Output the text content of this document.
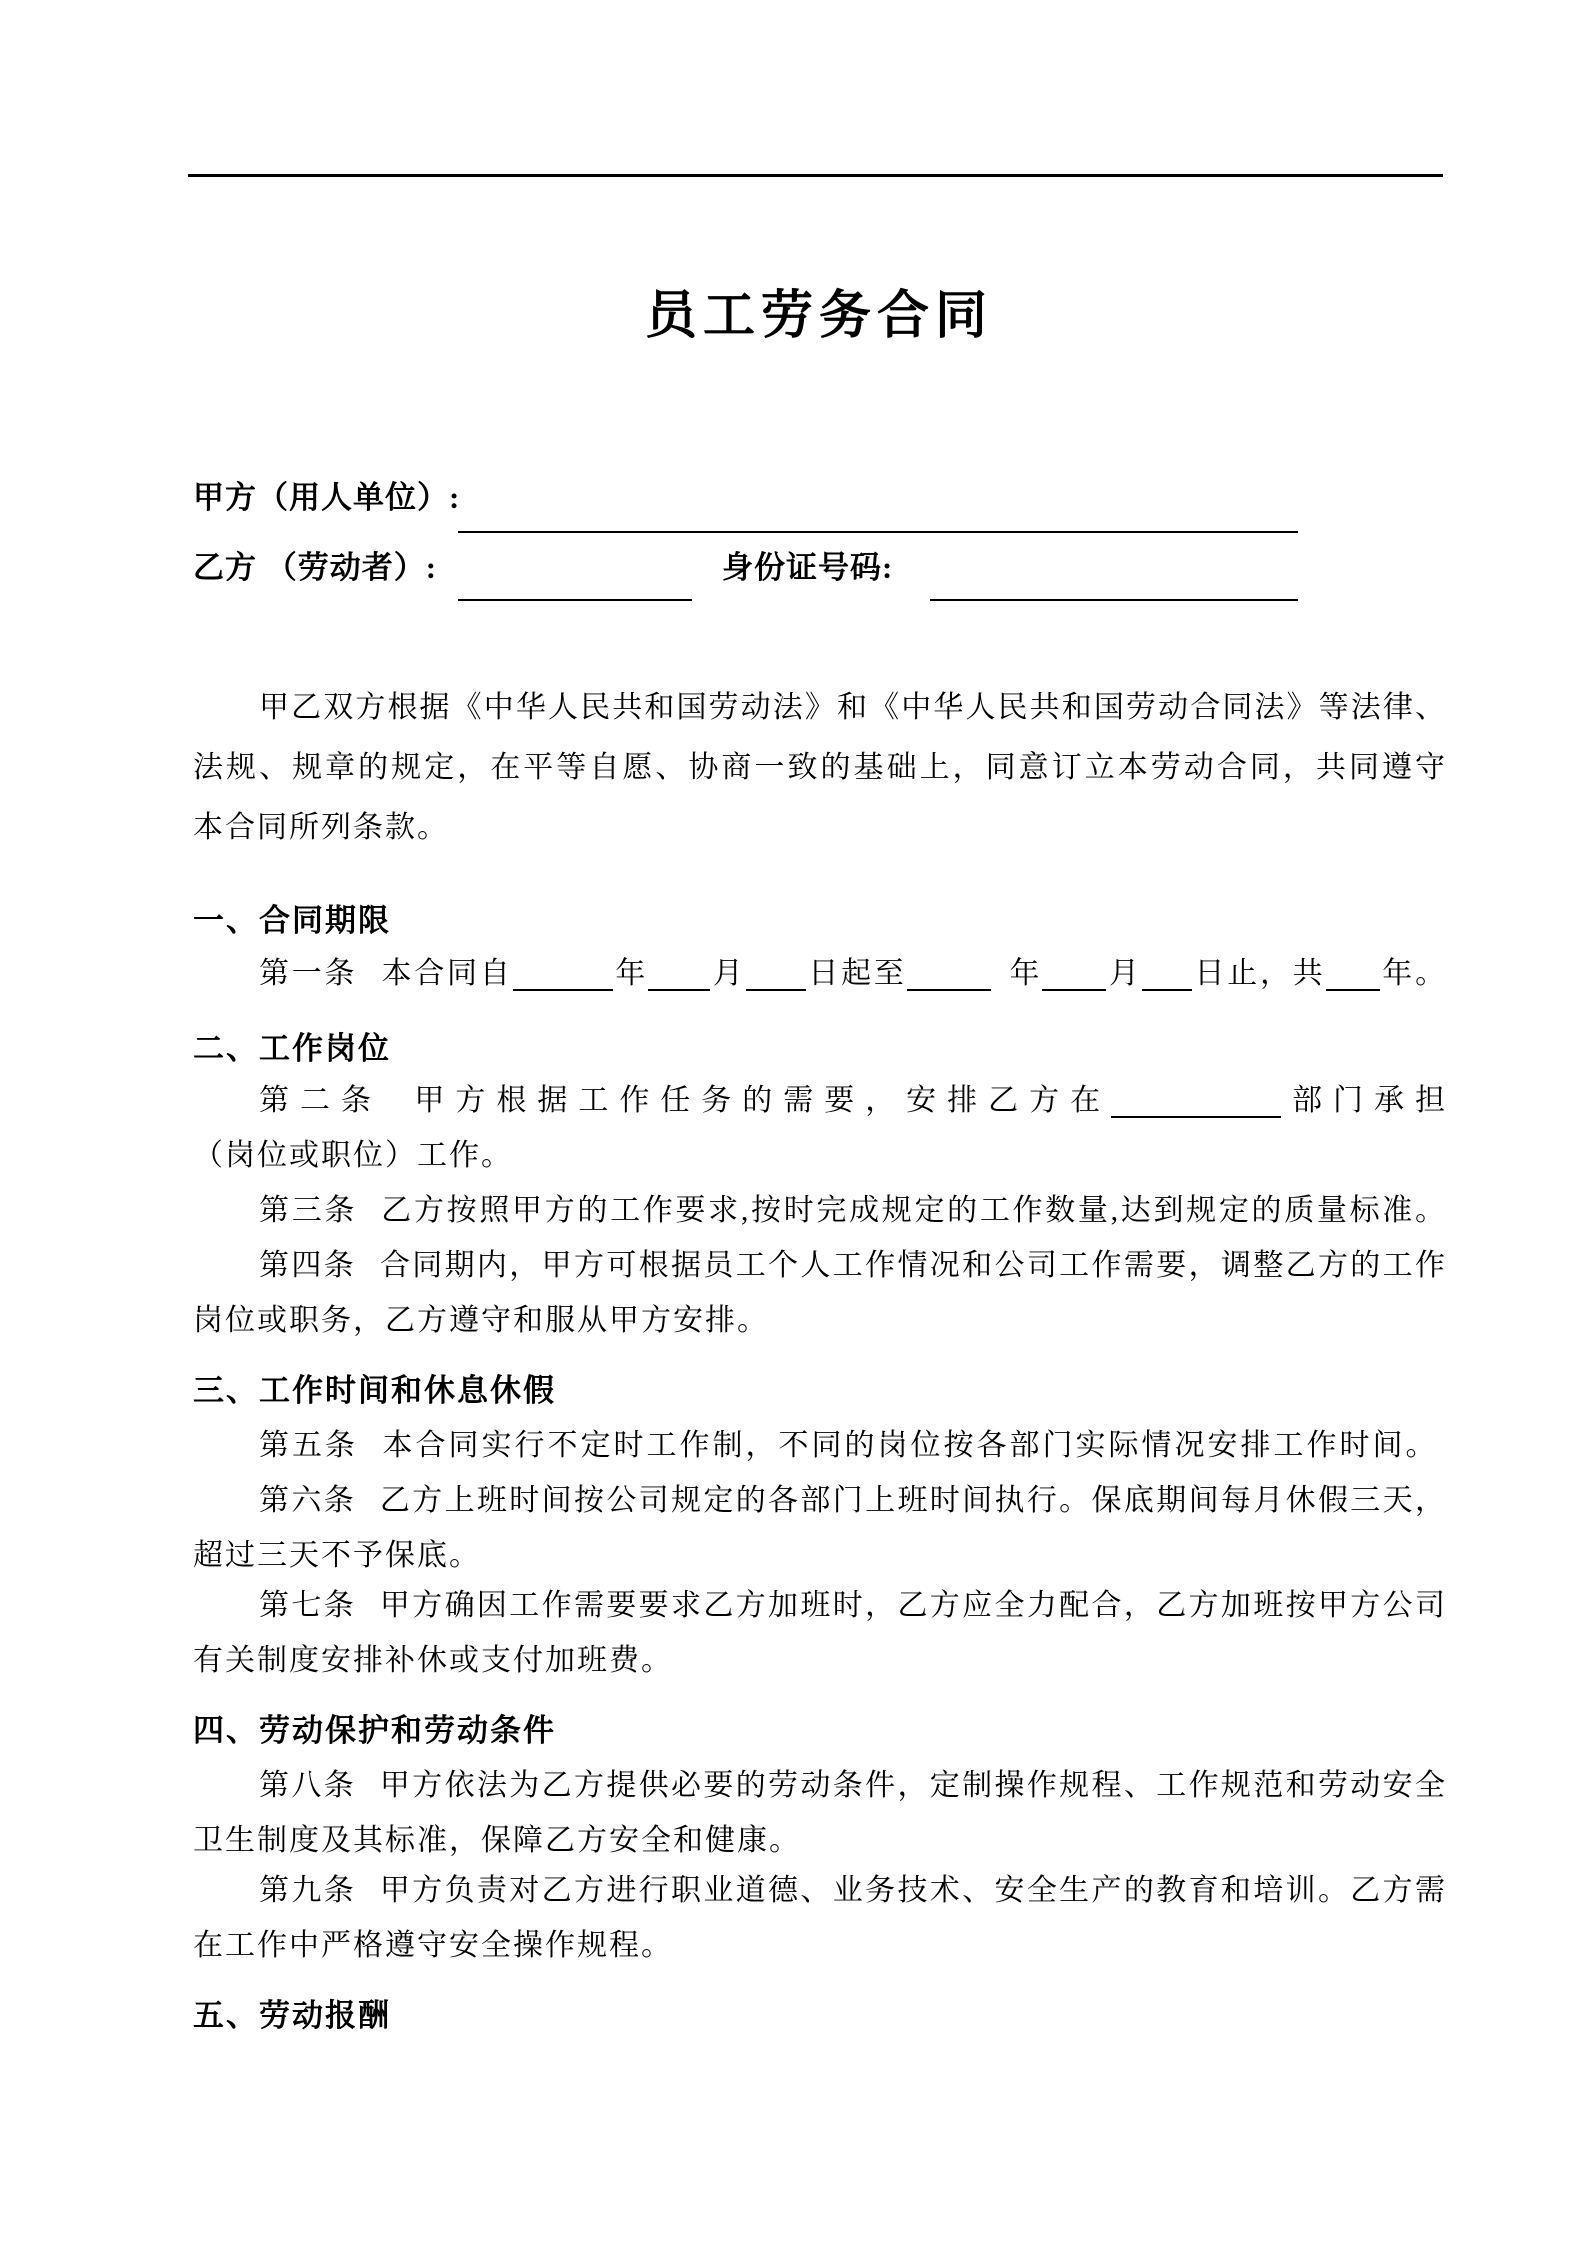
员工劳务合同
甲方（用人单位）:
乙方 （劳动者）:	身份证号码:
甲乙双方根据《中华人民共和国劳动法》和《中华人民共和国劳动合同法》等法律、
法规、规章的规定，在平等自愿、协商一致的基础上，同意订立本劳动合同，共同遵守
本合同所列条款。
一、合同期限
第一条 本合同自	年 月 日起至	年 月 日止，共 年。
二、工作岗位
第二条 甲方根据工作任务的需要，安排乙方在	部门承担
（岗位或职位）工作。
第三条 乙方按照甲方的工作要求,按时完成规定的工作数量,达到规定的质量标准。
第四条 合同期内，甲方可根据员工个人工作情况和公司工作需要，调整乙方的工作
岗位或职务，乙方遵守和服从甲方安排。
三、工作时间和休息休假
第五条 本合同实行不定时工作制，不同的岗位按各部门实际情况安排工作时间。
第六条 乙方上班时间按公司规定的各部门上班时间执行。保底期间每月休假三天，
超过三天不予保底。
第七条 甲方确因工作需要要求乙方加班时，乙方应全力配合，乙方加班按甲方公司
有关制度安排补休或支付加班费。
四、劳动保护和劳动条件
第八条 甲方依法为乙方提供必要的劳动条件，定制操作规程、工作规范和劳动安全
卫生制度及其标准，保障乙方安全和健康。
第九条 甲方负责对乙方进行职业道德、业务技术、安全生产的教育和培训。乙方需
在工作中严格遵守安全操作规程。
五、劳动报酬
